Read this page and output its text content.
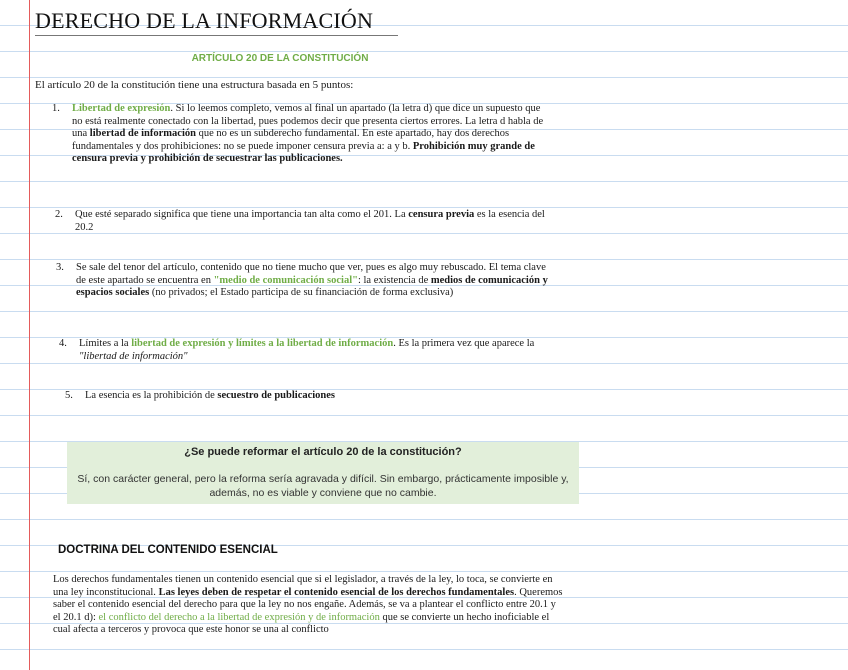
DERECHO DE LA INFORMACIÓN
ARTÍCULO 20 DE LA CONSTITUCIÓN
El artículo 20 de la constitución tiene una estructura basada en 5 puntos:
1. Libertad de expresión. Si lo leemos completo, vemos al final un apartado (la letra d) que dice un supuesto que no está realmente conectado con la libertad, pues podemos decir que presenta ciertos errores. La letra d habla de una libertad de información que no es un subderecho fundamental. En este apartado, hay dos derechos fundamentales y dos prohibiciones: no se puede imponer censura previa a: a y b. Prohibición muy grande de censura previa y prohibición de secuestrar las publicaciones.
2. Que esté separado significa que tiene una importancia tan alta como el 201. La censura previa es la esencia del 20.2
3. Se sale del tenor del artículo, contenido que no tiene mucho que ver, pues es algo muy rebuscado. El tema clave de este apartado se encuentra en "medio de comunicación social": la existencia de medios de comunicación y espacios sociales (no privados; el Estado participa de su financiación de forma exclusiva)
4. Límites a la libertad de expresión y límites a la libertad de información. Es la primera vez que aparece la "libertad de información"
5. La esencia es la prohibición de secuestro de publicaciones
¿Se puede reformar el artículo 20 de la constitución?
Sí, con carácter general, pero la reforma sería agravada y difícil. Sin embargo, prácticamente imposible y, además, no es viable y conviene que no cambie.
DOCTRINA DEL CONTENIDO ESENCIAL
Los derechos fundamentales tienen un contenido esencial que si el legislador, a través de la ley, lo toca, se convierte en una ley inconstitucional. Las leyes deben de respetar el contenido esencial de los derechos fundamentales. Queremos saber el contenido esencial del derecho para que la ley no nos engañe. Además, se va a plantear el conflicto entre 20.1 y el 20.1 d): el conflicto del derecho a la libertad de expresión y de información que se convierte un hecho inoficiable el cual afecta a terceros y provoca que este honor se una al conflicto
